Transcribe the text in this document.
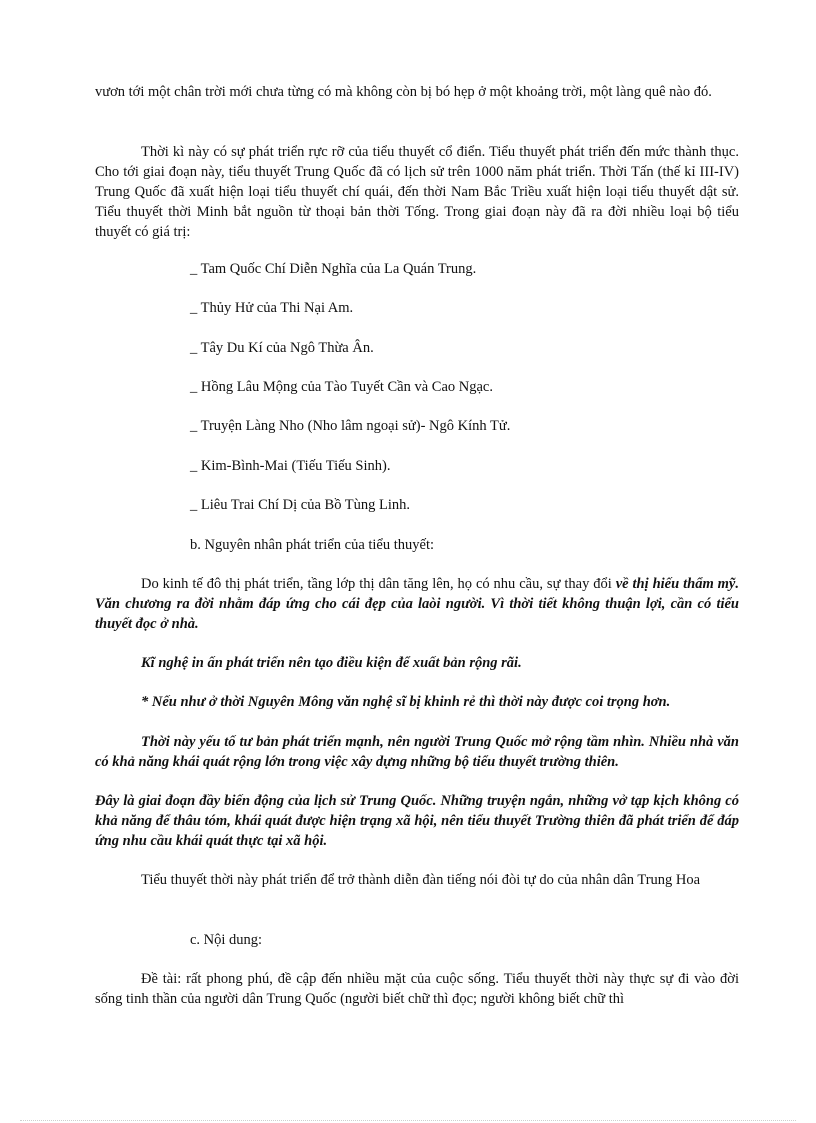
vươn tới một chân trời mới chưa từng có mà không còn bị bó hẹp ở một khoảng trời, một làng quê nào đó.

Thời kì này có sự phát triển rực rỡ của tiểu thuyết cổ điển. Tiểu thuyết phát triển đến mức thành thục. Cho tới giai đoạn này, tiểu thuyết Trung Quốc đã có lịch sử trên 1000 năm phát triển. Thời Tấn (thế kỉ III-IV) Trung Quốc đã xuất hiện loại tiểu thuyết chí quái, đến thời Nam Bắc Triều xuất hiện loại tiểu thuyết dật sử. Tiểu thuyết thời Minh bắt nguồn từ thoại bản thời Tống. Trong giai đoạn này đã ra đời nhiều loại bộ tiểu thuyết có giá trị:

_ Tam Quốc Chí Diễn Nghĩa của La Quán Trung.

_ Thủy Hử của Thi Nại Am.

_ Tây Du Kí của Ngô Thừa Ân.

_ Hồng Lâu Mộng của Tào Tuyết Cần và Cao Ngạc.

_ Truyện Làng Nho (Nho lâm ngoại sử)- Ngô Kính Tử.

_ Kim-Bình-Mai (Tiếu Tiếu Sinh).

_ Liêu Trai Chí Dị của Bồ Tùng Linh.

b. Nguyên nhân phát triển của tiểu thuyết:

Do kinh tế đô thị phát triển, tầng lớp thị dân tăng lên, họ có nhu cầu, sự thay đổi về thị hiếu thẩm mỹ. Văn chương ra đời nhằm đáp ứng cho cái đẹp của laòi người. Vì thời tiết không thuận lợi, cần có tiểu thuyết đọc ở nhà.

Kĩ nghệ in ấn phát triển nên tạo điều kiện để xuất bản rộng rãi.

* Nếu như ở thời Nguyên Mông văn nghệ sĩ bị khinh rẻ thì thời này được coi trọng hơn.

Thời này yếu tố tư bản phát triển mạnh, nên người Trung Quốc mở rộng tầm nhìn. Nhiều nhà văn có khả năng khái quát rộng lớn trong việc xây dựng những bộ tiểu thuyết trường thiên.

Đây là giai đoạn đầy biến động của lịch sử Trung Quốc. Những truyện ngắn, những vở tạp kịch không có khả năng để thâu tóm, khái quát được hiện trạng xã hội, nên tiểu thuyết Trường thiên đã phát triển để đáp ứng nhu cầu khái quát thực tại xã hội.

Tiểu thuyết thời này phát triển để trở thành diễn đàn tiếng nói đòi tự do của nhân dân Trung Hoa

c. Nội dung:

Đề tài: rất phong phú, đề cập đến nhiều mặt của cuộc sống. Tiểu thuyết thời này thực sự đi vào đời sống tinh thần của người dân Trung Quốc (người biết chữ thì đọc; người không biết chữ thì
